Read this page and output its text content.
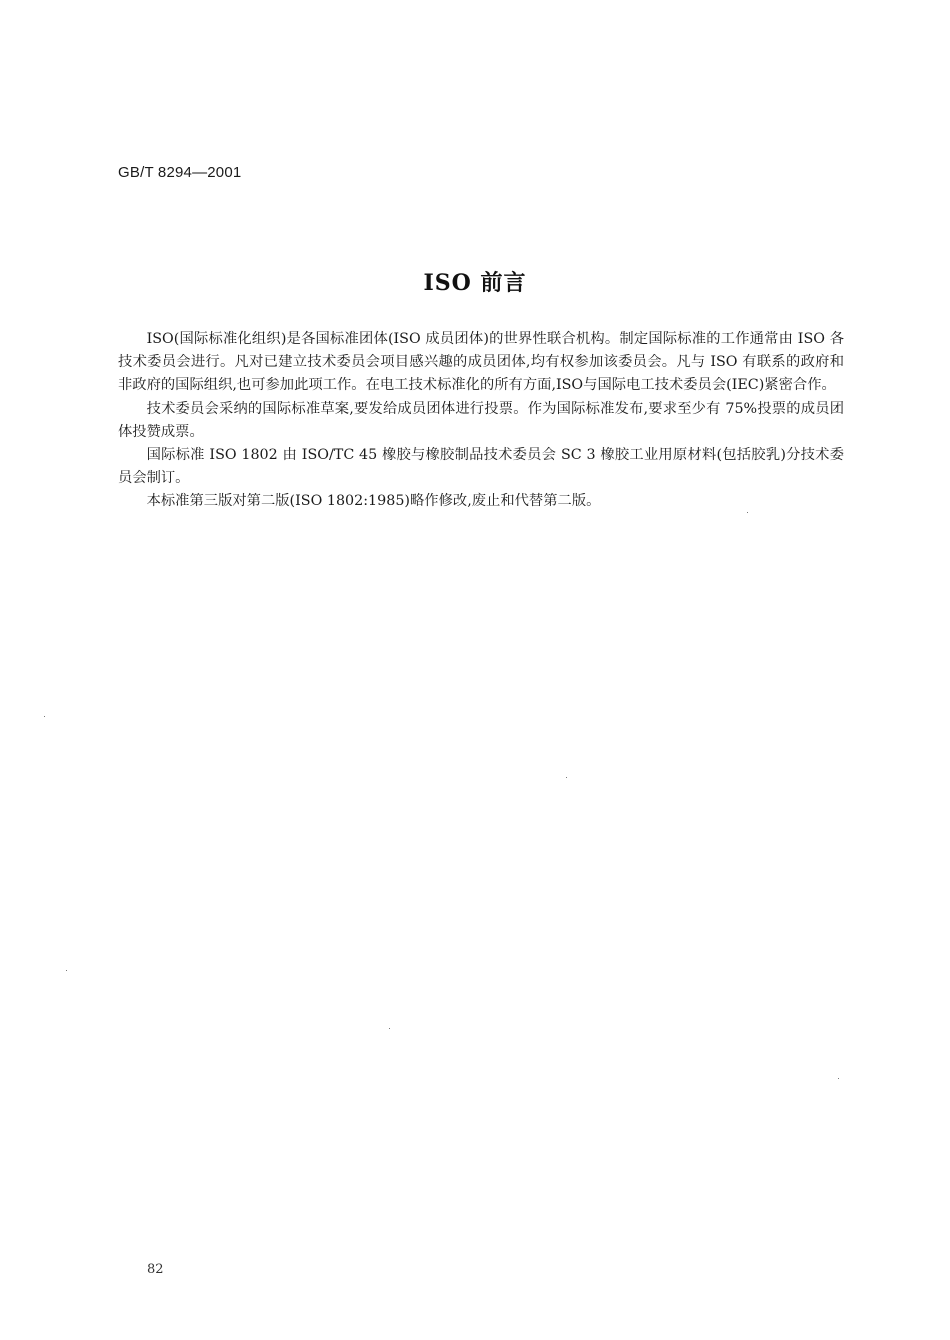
GB/T 8294—2001
ISO 前言

ISO(国际标准化组织)是各国标准团体(ISO 成员团体)的世界性联合机构。制定国际标准的工作通常由 ISO 各技术委员会进行。凡对已建立技术委员会项目感兴趣的成员团体,均有权参加该委员会。凡与 ISO 有联系的政府和非政府的国际组织,也可参加此项工作。在电工技术标准化的所有方面,ISO与国际电工技术委员会(IEC)紧密合作。

技术委员会采纳的国际标准草案,要发给成员团体进行投票。作为国际标准发布,要求至少有 75%投票的成员团体投赞成票。

国际标准 ISO 1802 由 ISO/TC 45 橡胶与橡胶制品技术委员会 SC 3 橡胶工业用原材料(包括胶乳)分技术委员会制订。

本标准第三版对第二版(ISO 1802:1985)略作修改,废止和代替第二版。

82
